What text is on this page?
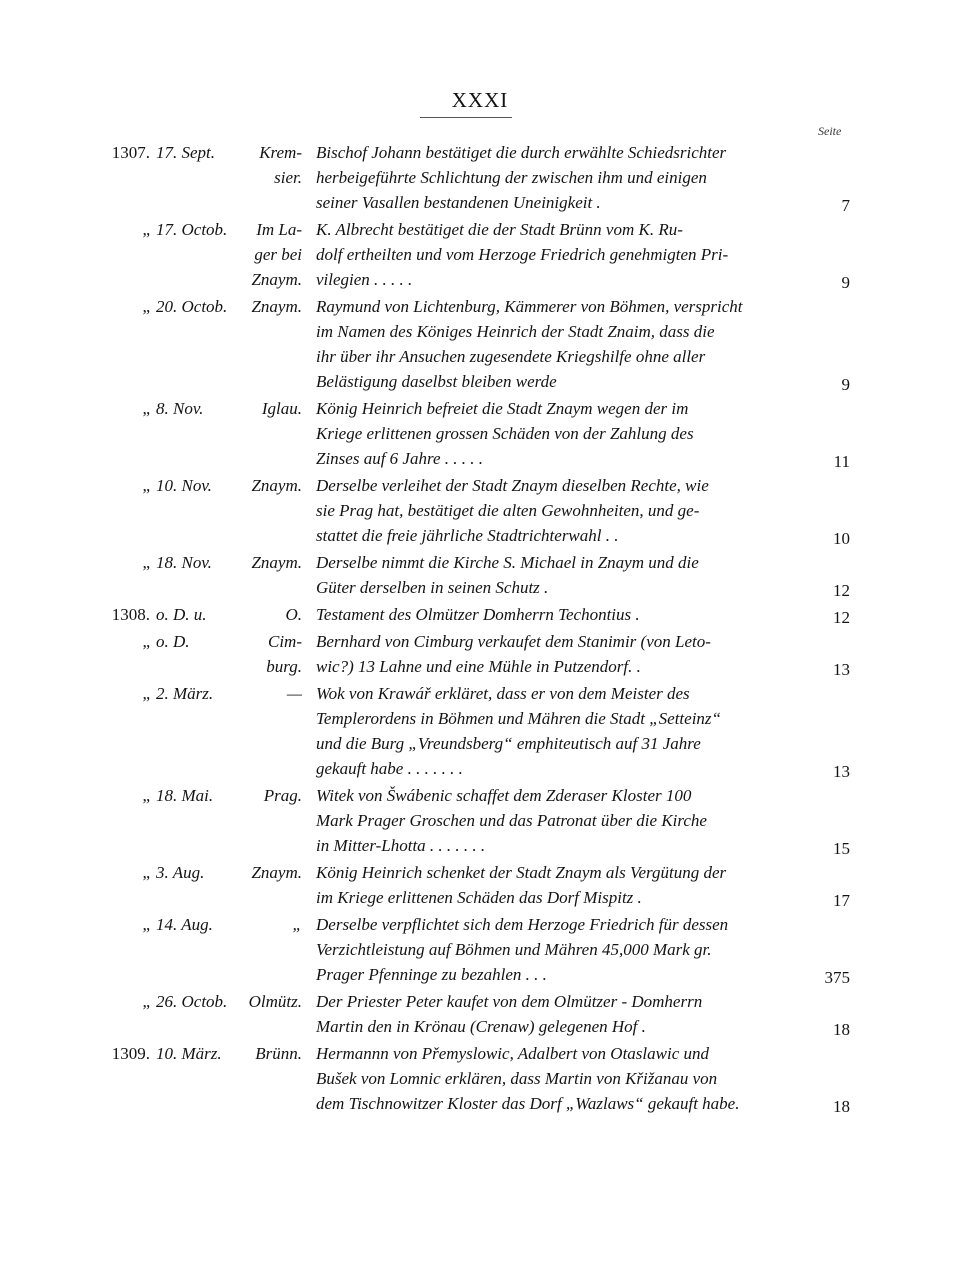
XXXI
Seite
1307. 17. Sept.	Krem-
sier.
Bischof Johann bestätiget die durch erwählte Schiedsrichter
herbeigeführte Schlichtung der zwischen ihm und einigen
seiner Vasallen bestandenen Uneinigkeit .	7
„ 17. Octob.	Im La-
ger bei
Znaym.
K. Albrecht bestätiget die der Stadt Brünn vom K. Ru-
dolf ertheilten und vom Herzoge Friedrich genehmigten Pri-
vilegien . . . . .	9
„ 20. Octob.	Znaym. Raymund von Lichtenburg, Kämmerer von Böhmen, verspricht
im Namen des Königes Heinrich der Stadt Znaim, dass die
ihr über ihr Ansuchen zugesendete Kriegshilfe ohne aller
Belästigung daselbst bleiben werde	9
„ 8. Nov.	Iglau. König Heinrich befreiet die Stadt Znaym wegen der im
Kriege erlittenen grossen Schäden von der Zahlung des
Zinses auf 6 Jahre . . . . .	11
„ 10. Nov.	Znaym. Derselbe verleihet der Stadt Znaym dieselben Rechte, wie
sie Prag hat, bestätiget die alten Gewohnheiten, und ge-
stattet die freie jährliche Stadtrichterwahl . .	10
„ 18. Nov.	Znaym. Derselbe nimmt die Kirche S. Michael in Znaym und die
Güter derselben in seinen Schutz .	12
1308. o. D. u.	O. Testament des Olmützer Domherrn Techontius .	12
„ o. D.	Cim-
burg.
Bernhard von Cimburg verkaufet dem Stanimir (von Leto-
wic?) 13 Lahne und eine Mühle in Putzendorf. .	13
„ 2. März.	— Wok von Krawář erkläret, dass er von dem Meister des
Templerordens in Böhmen und Mähren die Stadt „Setteinz“
und die Burg „Vreundsberg“ emphiteutisch auf 31 Jahre
gekauft habe . . . . . . .	13
„ 18. Mai.	Prag. Witek von Šwábenic schaffet dem Zderaser Kloster 100
Mark Prager Groschen und das Patronat über die Kirche
in Mitter-Lhotta . . . . . . .	15
„ 3. Aug.	Znaym. König Heinrich schenket der Stadt Znaym als Vergütung der
im Kriege erlittenen Schäden das Dorf Mispitz .	17
„ 14. Aug.	„ Derselbe verpflichtet sich dem Herzoge Friedrich für dessen
Verzichtleistung auf Böhmen und Mähren 45,000 Mark gr.
Prager Pfenninge zu bezahlen . . .	375
„ 26. Octob.	Olmütz. Der Priester Peter kaufet von dem Olmützer - Domherrn
Martin den in Krönau (Crenaw) gelegenen Hof .	18
1309. 10. März.	Brünn. Hermannn von Přemyslowic, Adalbert von Otaslawic und
Bušek von Lomnic erklären, dass Martin von Křižanau von
dem Tischnowitzer Kloster das Dorf „Wazlaws“ gekauft habe.	18
